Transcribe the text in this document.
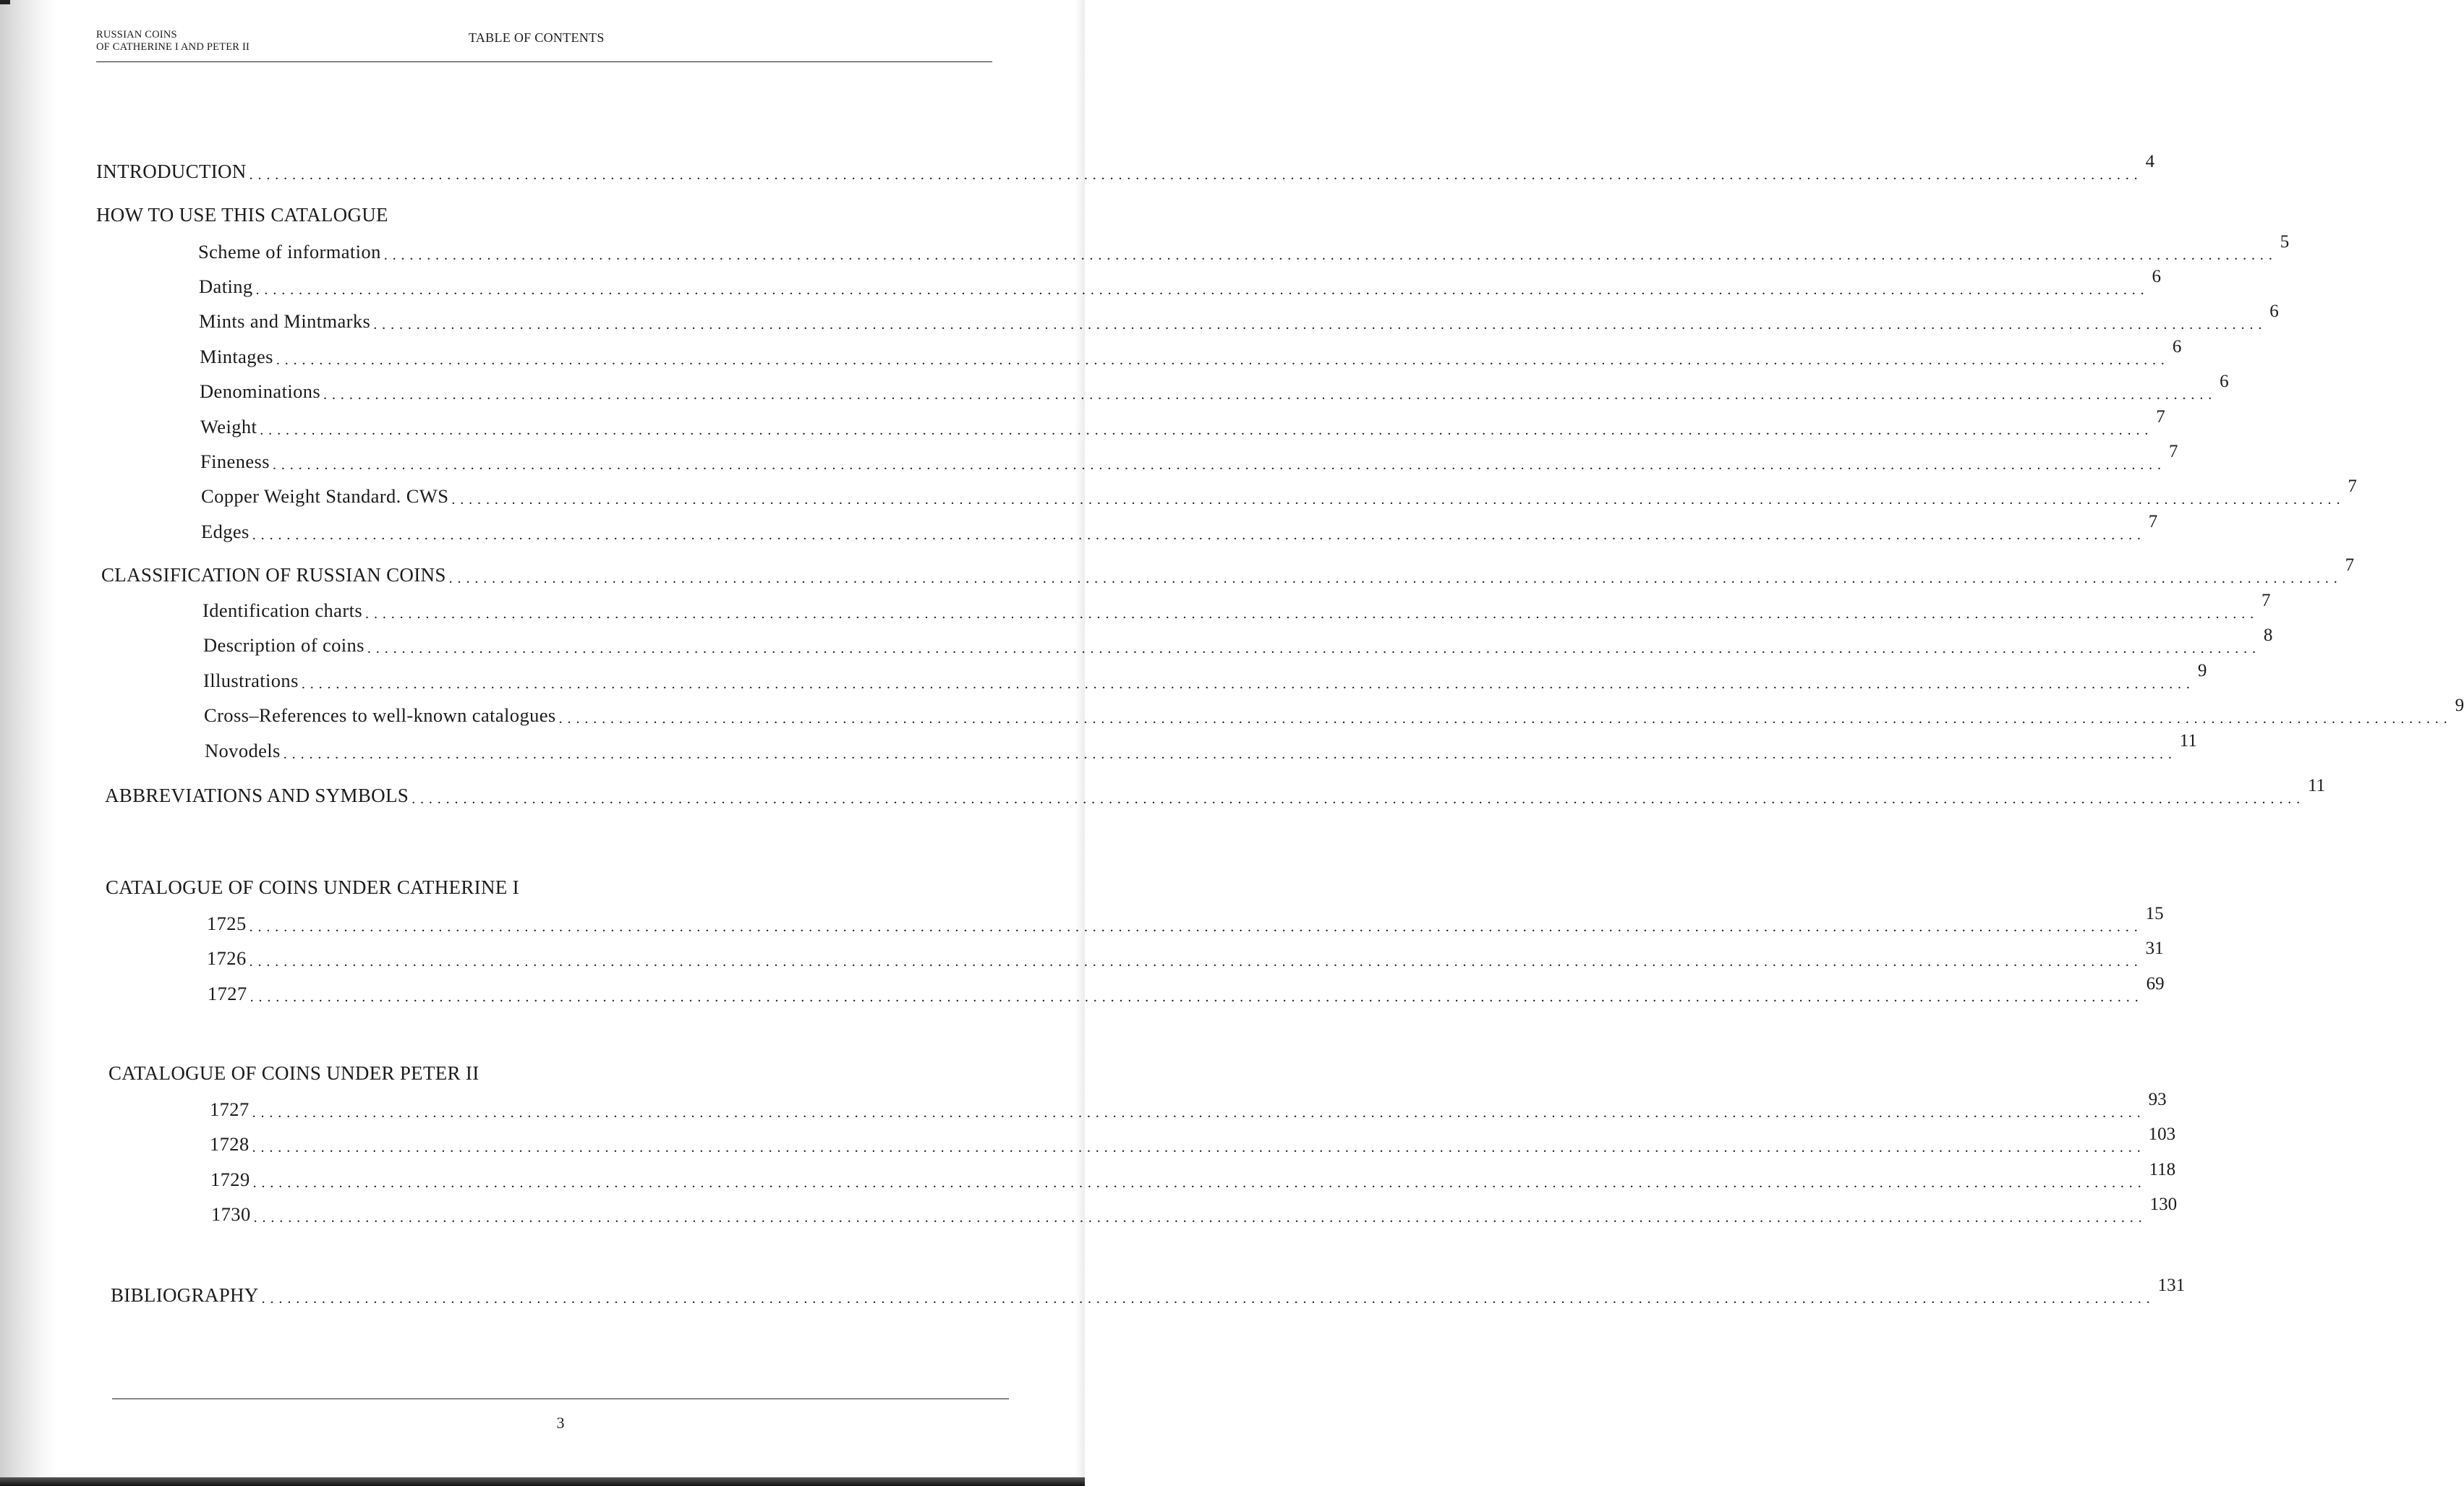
RUSSIAN COINS
OF CATHERINE I AND PETER II
TABLE OF CONTENTS
INTRODUCTION ............................................................................................................................................................................................................................
4
HOW TO USE THIS CATALOGUE
Scheme of information ............................................................................................................................................................................................................................
5
Dating ............................................................................................................................................................................................................................
6
Mints and Mintmarks ............................................................................................................................................................................................................................
6
Mintages ............................................................................................................................................................................................................................
6
Denominations ............................................................................................................................................................................................................................
6
Weight ............................................................................................................................................................................................................................
7
Fineness ............................................................................................................................................................................................................................
7
Copper Weight Standard. CWS ............................................................................................................................................................................................................................
7
Edges ............................................................................................................................................................................................................................
7
CLASSIFICATION OF RUSSIAN COINS ............................................................................................................................................................................................................................
7
Identification charts ............................................................................................................................................................................................................................
7
Description of coins ............................................................................................................................................................................................................................
8
Illustrations ............................................................................................................................................................................................................................
9
Cross–References to well-known catalogues ............................................................................................................................................................................................................................
9
Novodels ............................................................................................................................................................................................................................
11
ABBREVIATIONS AND SYMBOLS ............................................................................................................................................................................................................................
11
CATALOGUE OF COINS UNDER CATHERINE I
1725 ............................................................................................................................................................................................................................
15
1726 ............................................................................................................................................................................................................................
31
1727 ............................................................................................................................................................................................................................
69
CATALOGUE OF COINS UNDER PETER II
1727 ............................................................................................................................................................................................................................
93
1728 ............................................................................................................................................................................................................................
103
1729 ............................................................................................................................................................................................................................
118
1730 ............................................................................................................................................................................................................................
130
BIBLIOGRAPHY ............................................................................................................................................................................................................................
131
3
